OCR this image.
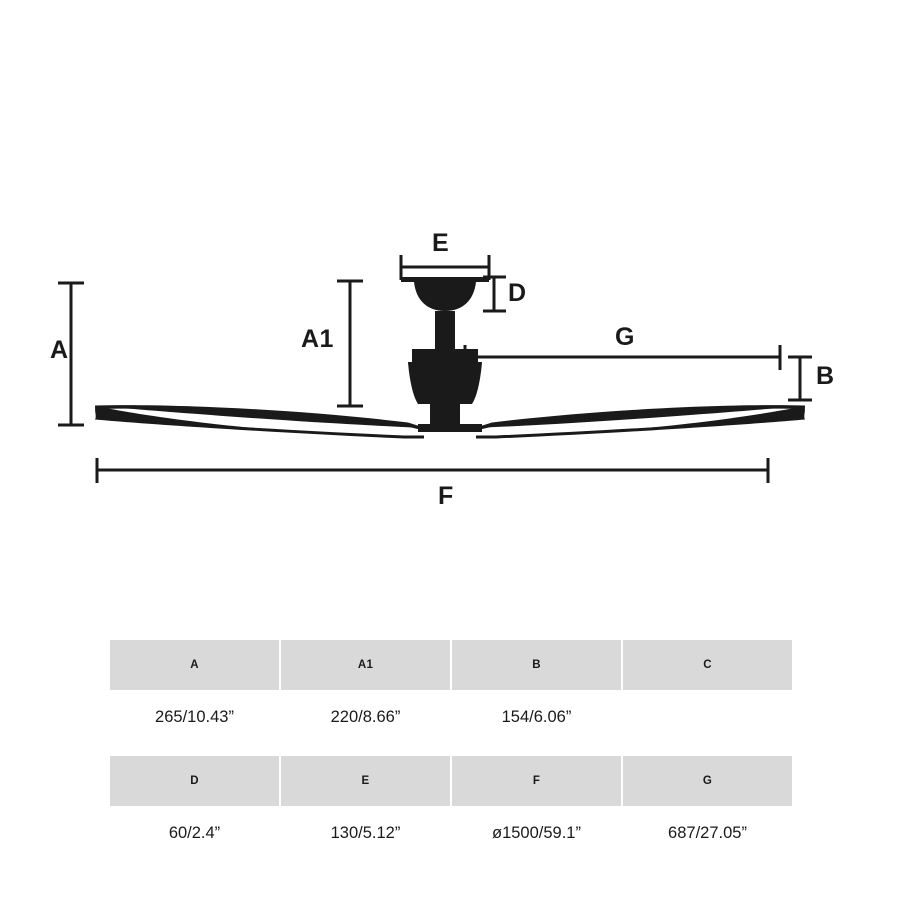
A	A1
D
E
G
B
F
A	A1	B	C
265/10.43”	220/8.66”	154/6.06”	
D	E	F	G
60/2.4”	130/5.12”	ø1500/59.1”	687/27.05”
